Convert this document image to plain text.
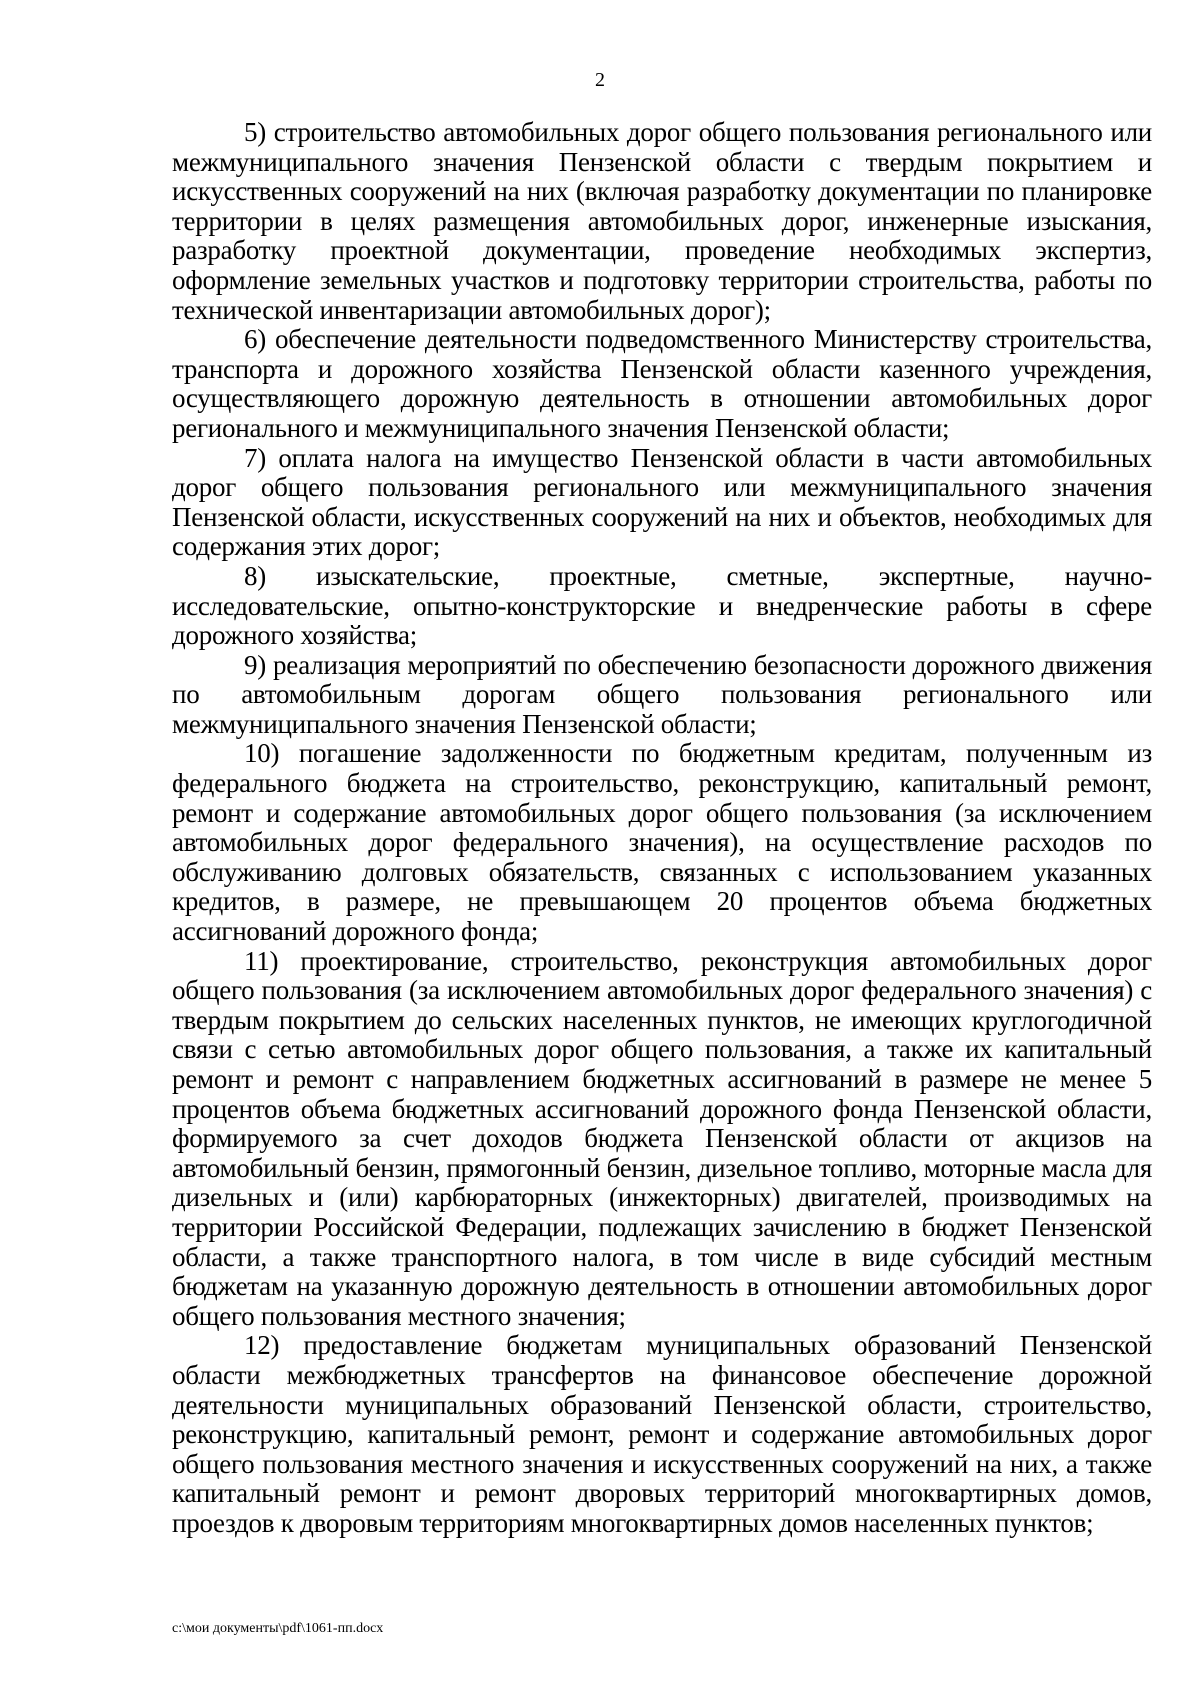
2

5) строительство автомобильных дорог общего пользования регионального или межмуниципального значения Пензенской области с твердым покрытием и искусственных сооружений на них (включая разработку документации по планировке территории в целях размещения автомобильных дорог, инженерные изыскания, разработку проектной документации, проведение необходимых экспертиз, оформление земельных участков и подготовку территории строительства, работы по технической инвентаризации автомобильных дорог);

6) обеспечение деятельности подведомственного Министерству строительства, транспорта и дорожного хозяйства Пензенской области казенного учреждения, осуществляющего дорожную деятельность в отношении автомобильных дорог регионального и межмуниципального значения Пензенской области;

7) оплата налога на имущество Пензенской области в части автомобильных дорог общего пользования регионального или межмуниципального значения Пензенской области, искусственных сооружений на них и объектов, необходимых для содержания этих дорог;

8) изыскательские, проектные, сметные, экспертные, научно-исследовательские, опытно-конструкторские и внедренческие работы в сфере дорожного хозяйства;

9) реализация мероприятий по обеспечению безопасности дорожного движения по автомобильным дорогам общего пользования регионального или межмуниципального значения Пензенской области;

10) погашение задолженности по бюджетным кредитам, полученным из федерального бюджета на строительство, реконструкцию, капитальный ремонт, ремонт и содержание автомобильных дорог общего пользования (за исключением автомобильных дорог федерального значения), на осуществление расходов по обслуживанию долговых обязательств, связанных с использованием указанных кредитов, в размере, не превышающем 20 процентов объема бюджетных ассигнований дорожного фонда;

11) проектирование, строительство, реконструкция автомобильных дорог общего пользования (за исключением автомобильных дорог федерального значения) с твердым покрытием до сельских населенных пунктов, не имеющих круглогодичной связи с сетью автомобильных дорог общего пользования, а также их капитальный ремонт и ремонт с направлением бюджетных ассигнований в размере не менее 5 процентов объема бюджетных ассигнований дорожного фонда Пензенской области, формируемого за счет доходов бюджета Пензенской области от акцизов на автомобильный бензин, прямогонный бензин, дизельное топливо, моторные масла для дизельных и (или) карбюраторных (инжекторных) двигателей, производимых на территории Российской Федерации, подлежащих зачислению в бюджет Пензенской области, а также транспортного налога, в том числе в виде субсидий местным бюджетам на указанную дорожную деятельность в отношении автомобильных дорог общего пользования местного значения;

12) предоставление бюджетам муниципальных образований Пензенской области межбюджетных трансфертов на финансовое обеспечение дорожной деятельности муниципальных образований Пензенской области, строительство, реконструкцию, капитальный ремонт, ремонт и содержание автомобильных дорог общего пользования местного значения и искусственных сооружений на них, а также капитальный ремонт и ремонт дворовых территорий многоквартирных домов, проездов к дворовым территориям многоквартирных домов населенных пунктов;

c:\мои документы\pdf\1061-пп.docx
